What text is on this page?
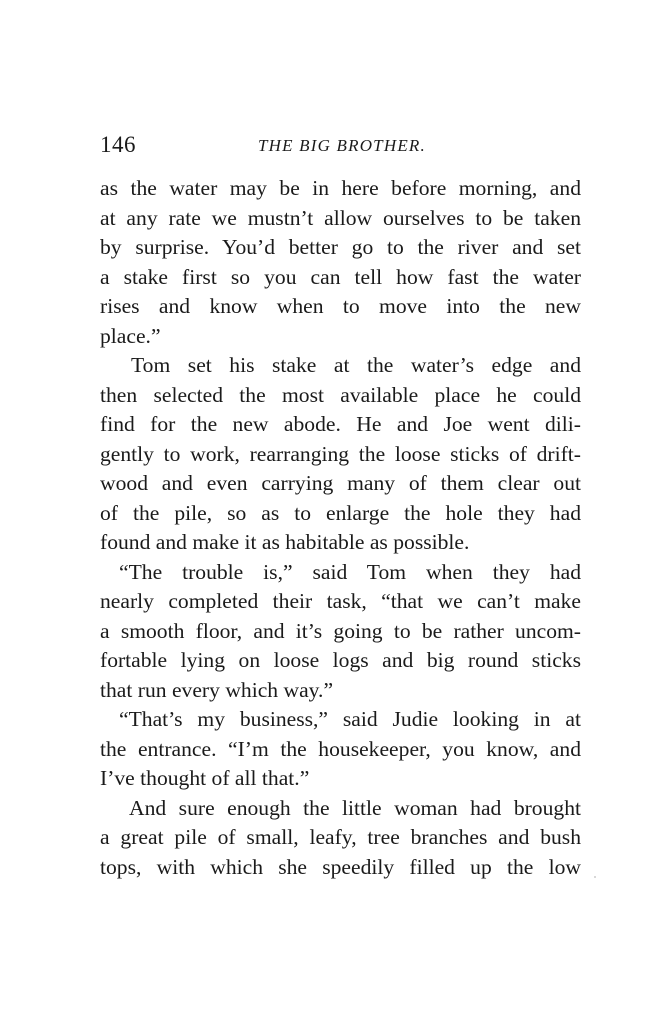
146	THE BIG BROTHER.
as the water may be in here before morning, and
at any rate we mustn’t allow ourselves to be taken
by surprise. You’d better go to the river and set
a stake first so you can tell how fast the water
rises and know when to move into the new
place.”
Tom set his stake at the water’s edge and
then selected the most available place he could
find for the new abode. He and Joe went dili-
gently to work, rearranging the loose sticks of drift-
wood and even carrying many of them clear out
of the pile, so as to enlarge the hole they had
found and make it as habitable as possible.
“The trouble is,” said Tom when they had
nearly completed their task, “that we can’t make
a smooth floor, and it’s going to be rather uncom-
fortable lying on loose logs and big round sticks
that run every which way.”
“That’s my business,” said Judie looking in at
the entrance. “I’m the housekeeper, you know, and
I’ve thought of all that.”
And sure enough the little woman had brought
a great pile of small, leafy, tree branches and bush
tops, with which she speedily filled up the low
